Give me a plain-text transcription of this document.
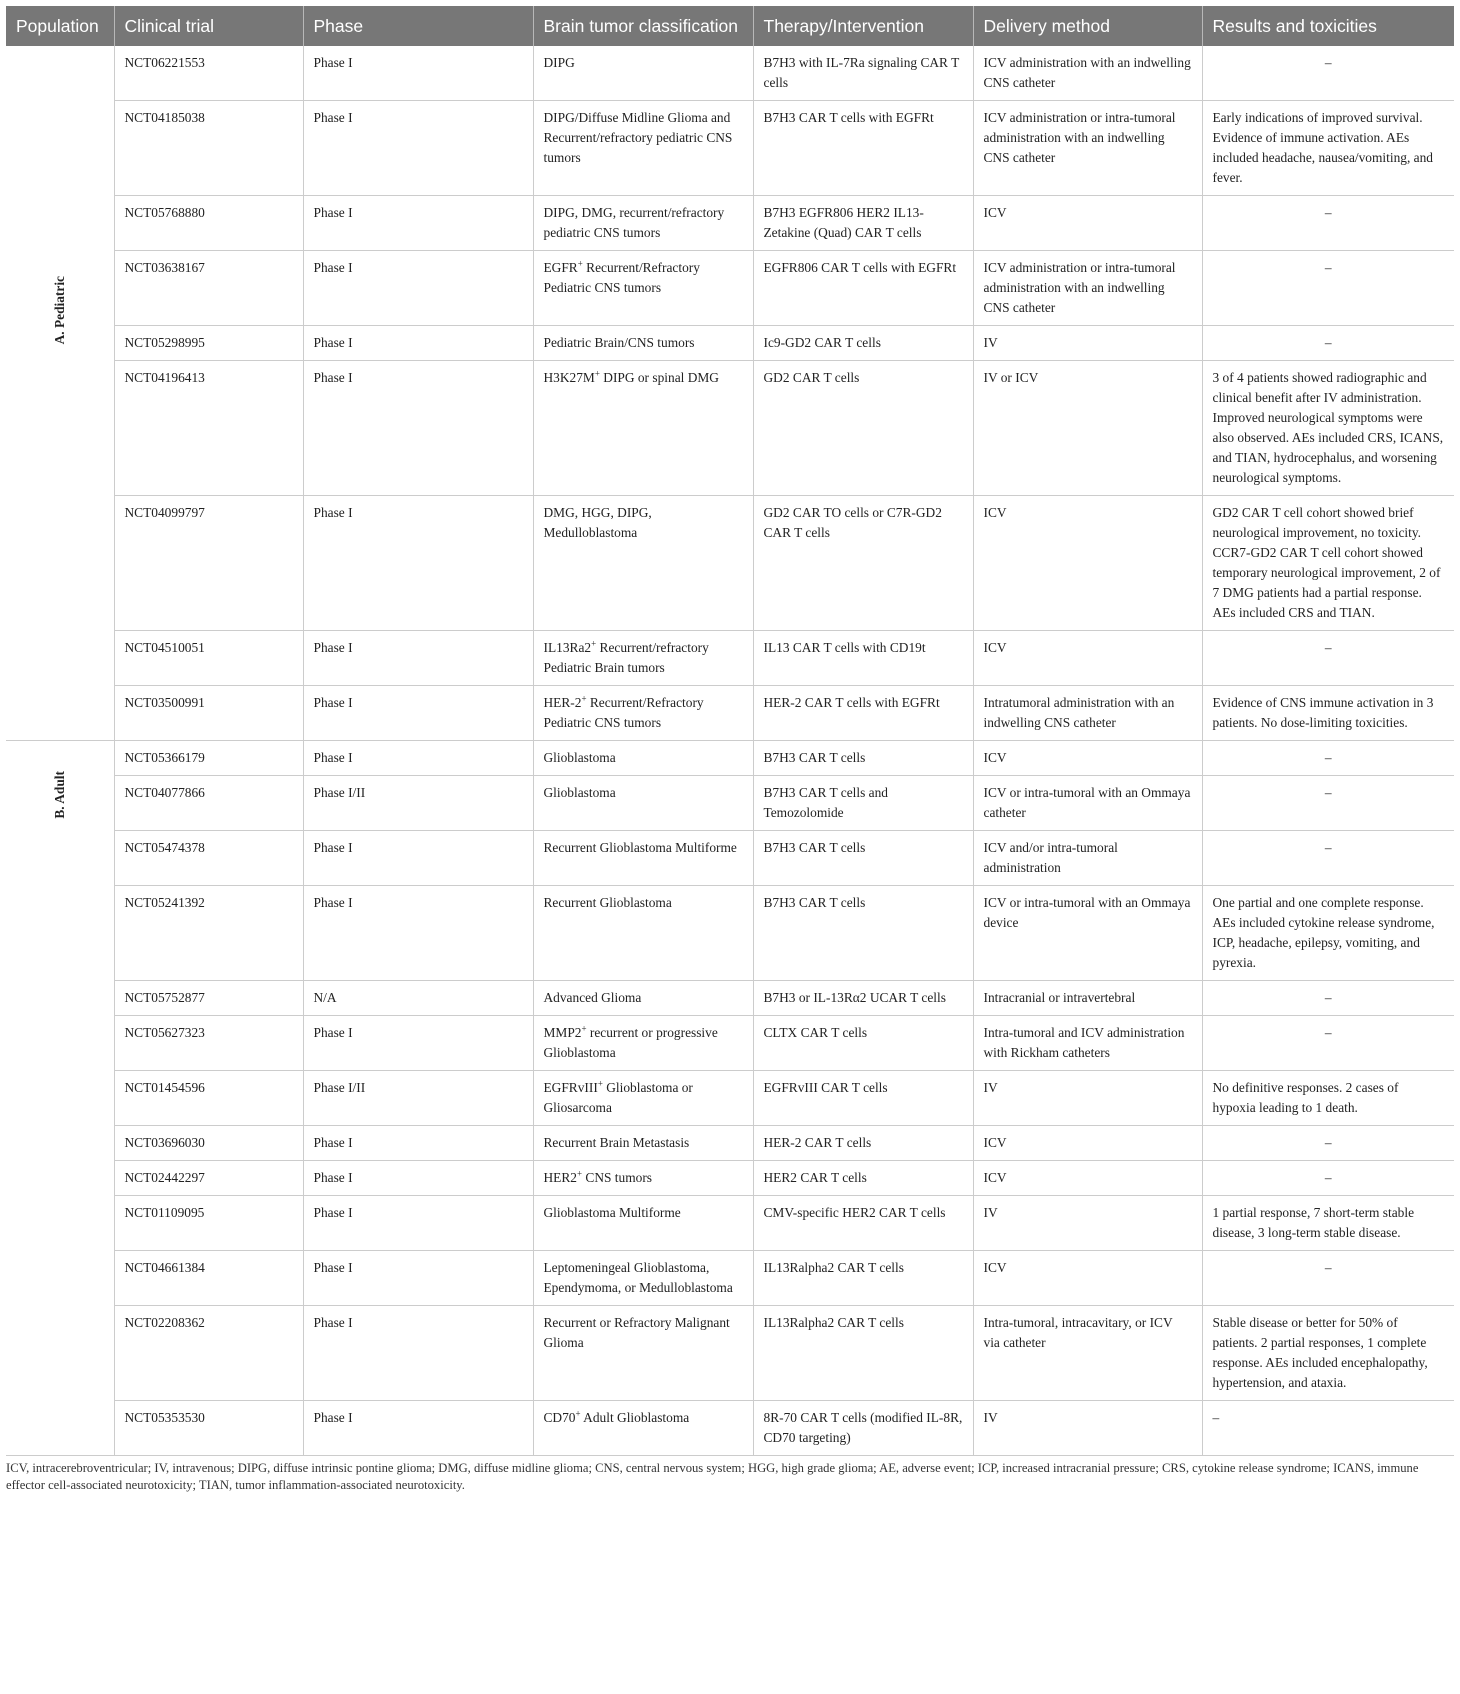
Population	Clinical trial	Phase	Brain tumor classification	Therapy/Intervention	Delivery method	Results and toxicities
A. Pediatric	NCT06221553	Phase I	DIPG	B7H3 with IL-7Ra signaling CAR T cells	ICV administration with an indwelling CNS catheter	–
	NCT04185038	Phase I	DIPG/Diffuse Midline Glioma and Recurrent/refractory pediatric CNS tumors	B7H3 CAR T cells with EGFRt	ICV administration or intra-tumoral administration with an indwelling CNS catheter	Early indications of improved survival. Evidence of immune activation. AEs included headache, nausea/vomiting, and fever.
	NCT05768880	Phase I	DIPG, DMG, recurrent/refractory pediatric CNS tumors	B7H3 EGFR806 HER2 IL13-Zetakine (Quad) CAR T cells	ICV	–
	NCT03638167	Phase I	EGFR+ Recurrent/Refractory Pediatric CNS tumors	EGFR806 CAR T cells with EGFRt	ICV administration or intra-tumoral administration with an indwelling CNS catheter	–
	NCT05298995	Phase I	Pediatric Brain/CNS tumors	Ic9-GD2 CAR T cells	IV	–
	NCT04196413	Phase I	H3K27M+ DIPG or spinal DMG	GD2 CAR T cells	IV or ICV	3 of 4 patients showed radiographic and clinical benefit after IV administration. Improved neurological symptoms were also observed. AEs included CRS, ICANS, and TIAN, hydrocephalus, and worsening neurological symptoms.
	NCT04099797	Phase I	DMG, HGG, DIPG, Medulloblastoma	GD2 CAR TO cells or C7R-GD2 CAR T cells	ICV	GD2 CAR T cell cohort showed brief neurological improvement, no toxicity. CCR7-GD2 CAR T cell cohort showed temporary neurological improvement, 2 of 7 DMG patients had a partial response. AEs included CRS and TIAN.
	NCT04510051	Phase I	IL13Ra2+ Recurrent/refractory Pediatric Brain tumors	IL13 CAR T cells with CD19t	ICV	–
	NCT03500991	Phase I	HER-2+ Recurrent/Refractory Pediatric CNS tumors	HER-2 CAR T cells with EGFRt	Intratumoral administration with an indwelling CNS catheter	Evidence of CNS immune activation in 3 patients. No dose-limiting toxicities.
B. Adult	NCT05366179	Phase I	Glioblastoma	B7H3 CAR T cells	ICV	–
	NCT04077866	Phase I/II	Glioblastoma	B7H3 CAR T cells and Temozolomide	ICV or intra-tumoral with an Ommaya catheter	–
	NCT05474378	Phase I	Recurrent Glioblastoma Multiforme	B7H3 CAR T cells	ICV and/or intra-tumoral administration	–
	NCT05241392	Phase I	Recurrent Glioblastoma	B7H3 CAR T cells	ICV or intra-tumoral with an Ommaya device	One partial and one complete response. AEs included cytokine release syndrome, ICP, headache, epilepsy, vomiting, and pyrexia.
	NCT05752877	N/A	Advanced Glioma	B7H3 or IL-13Rα2 UCAR T cells	Intracranial or intravertebral	–
	NCT05627323	Phase I	MMP2+ recurrent or progressive Glioblastoma	CLTX CAR T cells	Intra-tumoral and ICV administration with Rickham catheters	–
	NCT01454596	Phase I/II	EGFRvIII+ Glioblastoma or Gliosarcoma	EGFRvIII CAR T cells	IV	No definitive responses. 2 cases of hypoxia leading to 1 death.
	NCT03696030	Phase I	Recurrent Brain Metastasis	HER-2 CAR T cells	ICV	–
	NCT02442297	Phase I	HER2+ CNS tumors	HER2 CAR T cells	ICV	–
	NCT01109095	Phase I	Glioblastoma Multiforme	CMV-specific HER2 CAR T cells	IV	1 partial response, 7 short-term stable disease, 3 long-term stable disease.
	NCT04661384	Phase I	Leptomeningeal Glioblastoma, Ependymoma, or Medulloblastoma	IL13Ralpha2 CAR T cells	ICV	–
	NCT02208362	Phase I	Recurrent or Refractory Malignant Glioma	IL13Ralpha2 CAR T cells	Intra-tumoral, intracavitary, or ICV via catheter	Stable disease or better for 50% of patients. 2 partial responses, 1 complete response. AEs included encephalopathy, hypertension, and ataxia.
	NCT05353530	Phase I	CD70+ Adult Glioblastoma	8R-70 CAR T cells (modified IL-8R, CD70 targeting)	IV	–
ICV, intracerebroventricular; IV, intravenous; DIPG, diffuse intrinsic pontine glioma; DMG, diffuse midline glioma; CNS, central nervous system; HGG, high grade glioma; AE, adverse event; ICP, increased intracranial pressure; CRS, cytokine release syndrome; ICANS, immune effector cell-associated neurotoxicity; TIAN, tumor inflammation-associated neurotoxicity.
